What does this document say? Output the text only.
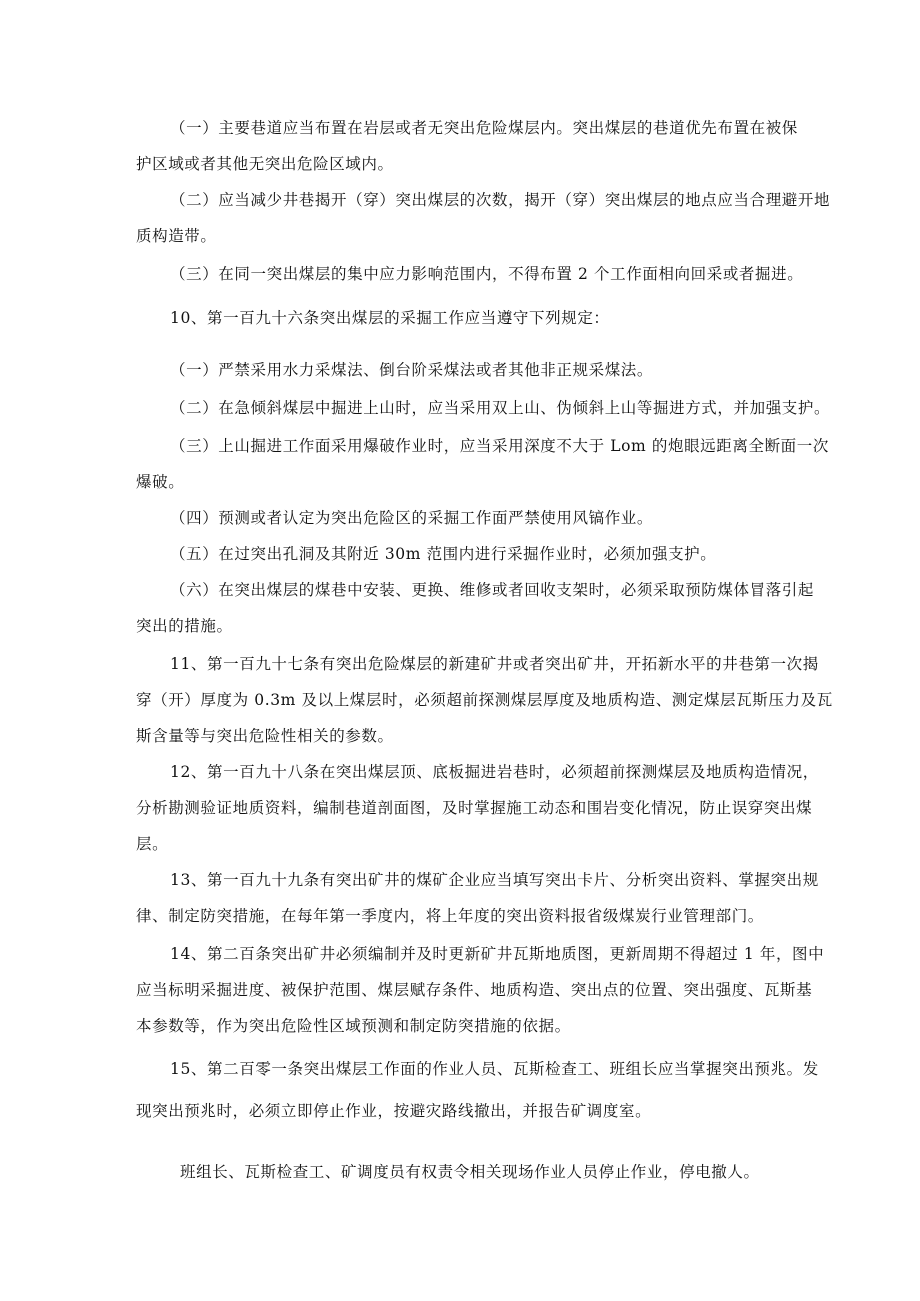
（一）主要巷道应当布置在岩层或者无突出危险煤层内。突出煤层的巷道优先布置在被保
护区域或者其他无突出危险区域内。

（二）应当减少井巷揭开（穿）突出煤层的次数，揭开（穿）突出煤层的地点应当合理避开地
质构造带。

（三）在同一突出煤层的集中应力影响范围内，不得布置 2 个工作面相向回采或者掘进。

10、第一百九十六条突出煤层的采掘工作应当遵守下列规定：

（一）严禁采用水力采煤法、倒台阶采煤法或者其他非正规采煤法。

（二）在急倾斜煤层中掘进上山时，应当采用双上山、伪倾斜上山等掘进方式，并加强支护。

（三）上山掘进工作面采用爆破作业时，应当采用深度不大于 Lom 的炮眼远距离全断面一次
爆破。

（四）预测或者认定为突出危险区的采掘工作面严禁使用风镐作业。

（五）在过突出孔洞及其附近 30m 范围内进行采掘作业时，必须加强支护。

（六）在突出煤层的煤巷中安装、更换、维修或者回收支架时，必须采取预防煤体冒落引起
突出的措施。

11、第一百九十七条有突出危险煤层的新建矿井或者突出矿井，开拓新水平的井巷第一次揭
穿（开）厚度为 0.3m 及以上煤层时，必须超前探测煤层厚度及地质构造、测定煤层瓦斯压力及瓦
斯含量等与突出危险性相关的参数。

12、第一百九十八条在突出煤层顶、底板掘进岩巷时，必须超前探测煤层及地质构造情况，
分析勘测验证地质资料，编制巷道剖面图，及时掌握施工动态和围岩变化情况，防止误穿突出煤
层。

13、第一百九十九条有突出矿井的煤矿企业应当填写突出卡片、分析突出资料、掌握突出规
律、制定防突措施，在每年第一季度内，将上年度的突出资料报省级煤炭行业管理部门。

14、第二百条突出矿井必须编制并及时更新矿井瓦斯地质图，更新周期不得超过 1 年，图中
应当标明采掘进度、被保护范围、煤层赋存条件、地质构造、突出点的位置、突出强度、瓦斯基
本参数等，作为突出危险性区域预测和制定防突措施的依据。

15、第二百零一条突出煤层工作面的作业人员、瓦斯检查工、班组长应当掌握突出预兆。发
现突出预兆时，必须立即停止作业，按避灾路线撤出，并报告矿调度室。

班组长、瓦斯检查工、矿调度员有权责令相关现场作业人员停止作业，停电撤人。
